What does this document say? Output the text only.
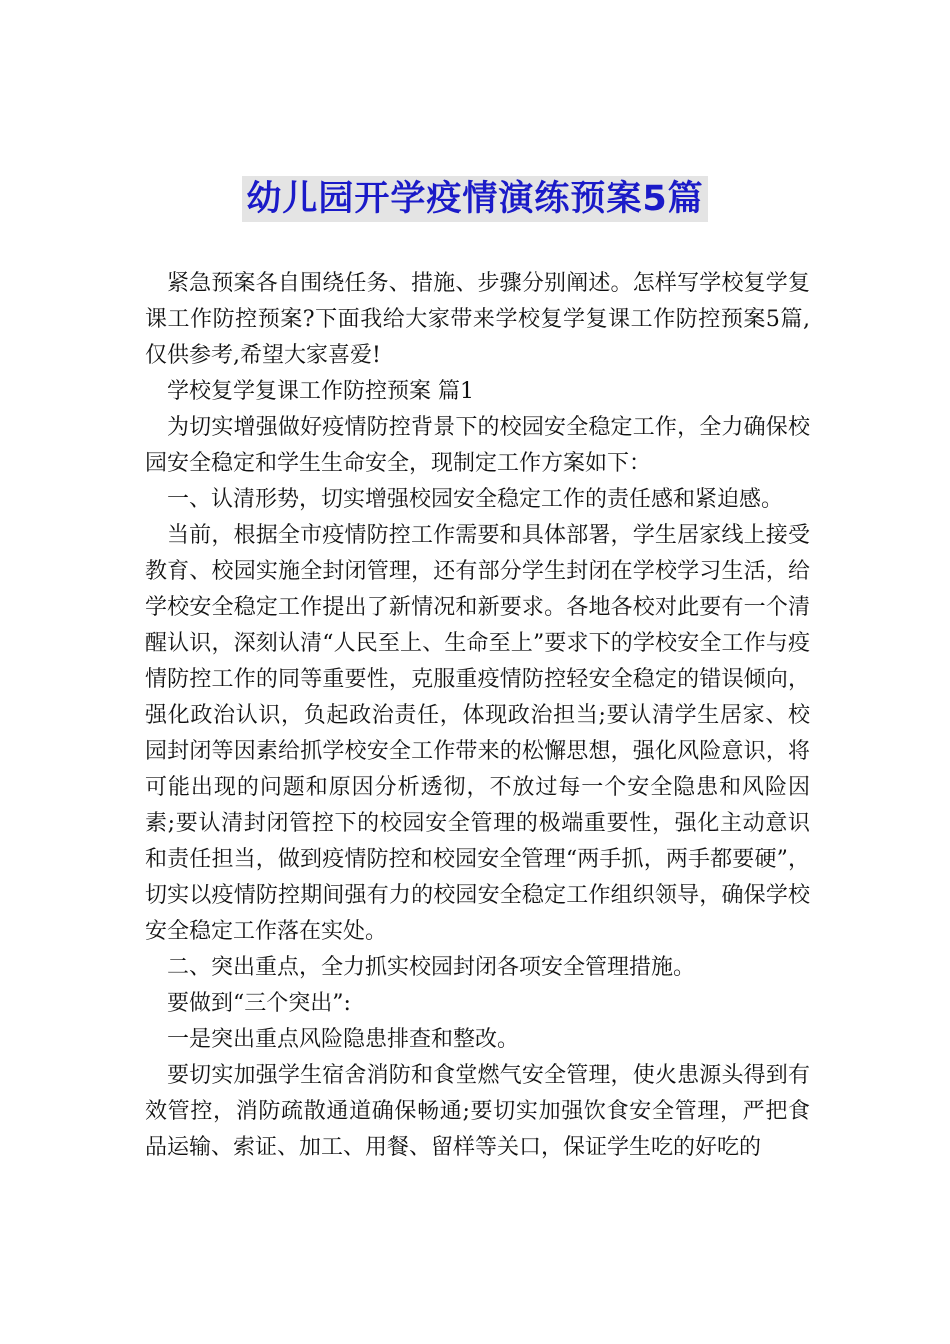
幼儿园开学疫情演练预案5篇

紧急预案各自围绕任务、措施、步骤分别阐述。怎样写学校复学复课工作防控预案?下面我给大家带来学校复学复课工作防控预案5篇,仅供参考,希望大家喜爱!

学校复学复课工作防控预案 篇1

为切实增强做好疫情防控背景下的校园安全稳定工作，全力确保校园安全稳定和学生生命安全，现制定工作方案如下：

一、认清形势，切实增强校园安全稳定工作的责任感和紧迫感。

当前，根据全市疫情防控工作需要和具体部署，学生居家线上接受教育、校园实施全封闭管理，还有部分学生封闭在学校学习生活，给学校安全稳定工作提出了新情况和新要求。各地各校对此要有一个清醒认识，深刻认清“人民至上、生命至上”要求下的学校安全工作与疫情防控工作的同等重要性，克服重疫情防控轻安全稳定的错误倾向，强化政治认识，负起政治责任，体现政治担当;要认清学生居家、校园封闭等因素给抓学校安全工作带来的松懈思想，强化风险意识，将可能出现的问题和原因分析透彻，不放过每一个安全隐患和风险因素;要认清封闭管控下的校园安全管理的极端重要性，强化主动意识和责任担当，做到疫情防控和校园安全管理“两手抓，两手都要硬”，切实以疫情防控期间强有力的校园安全稳定工作组织领导，确保学校安全稳定工作落在实处。

二、突出重点，全力抓实校园封闭各项安全管理措施。

要做到“三个突出”:

一是突出重点风险隐患排查和整改。

要切实加强学生宿舍消防和食堂燃气安全管理，使火患源头得到有效管控，消防疏散通道确保畅通;要切实加强饮食安全管理，严把食品运输、索证、加工、用餐、留样等关口，保证学生吃的好吃的
